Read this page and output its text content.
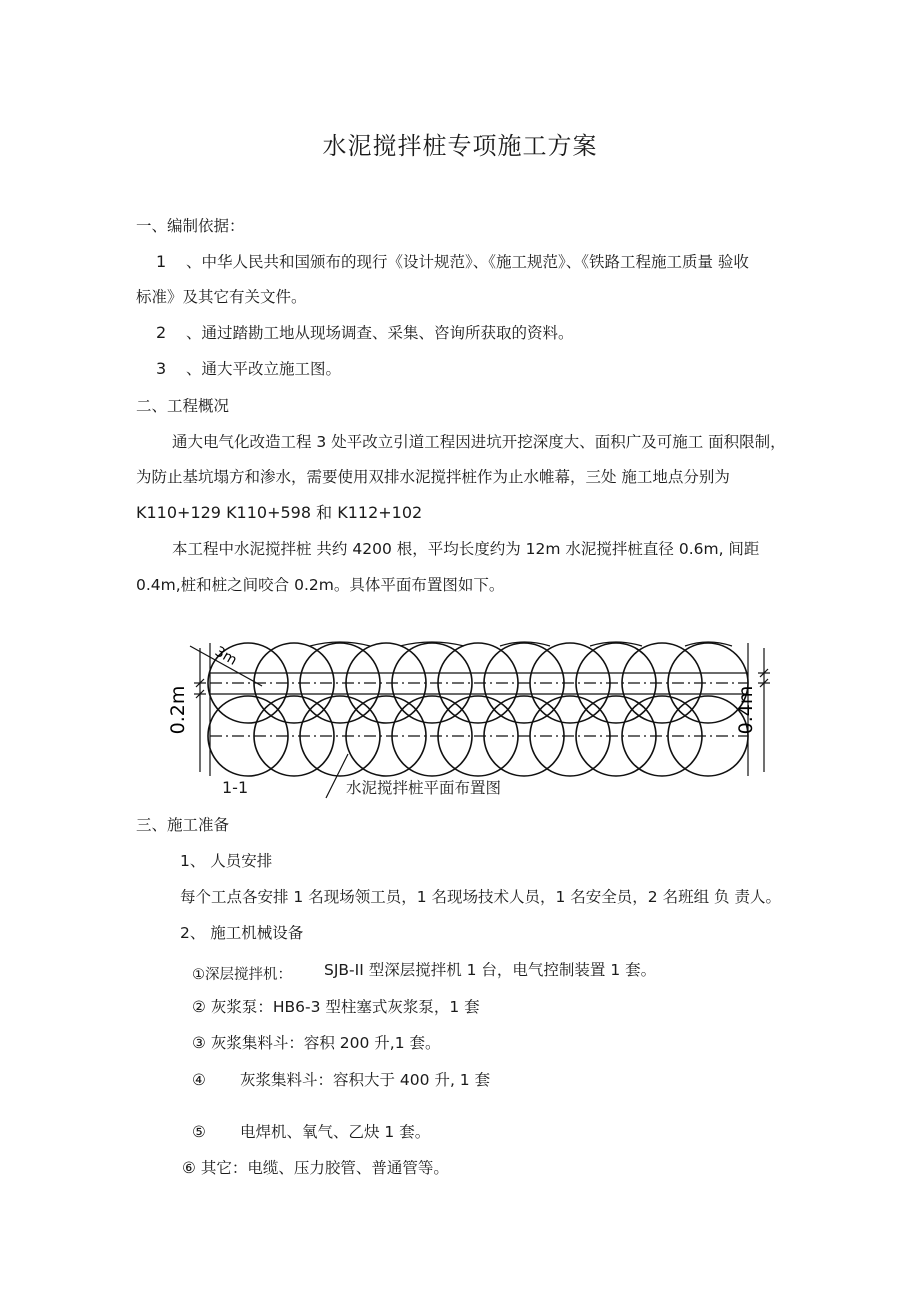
水泥搅拌桩专项施工方案
一、编制依据：
1 、中华人民共和国颁布的现行《设计规范》、《施工规范》、《铁路工程施工质量 验收
标准》及其它有关文件。
2 、通过踏勘工地从现场调查、采集、咨询所获取的资料。
3 、通大平改立施工图。
二、工程概况
通大电气化改造工程 3 处平改立引道工程因进坑开挖深度大、面积广及可施工 面积限制，
为防止基坑塌方和渗水，需要使用双排水泥搅拌桩作为止水帷幕，三处 施工地点分别为
K110+129 K110+598 和 K112+102
本工程中水泥搅拌桩 共约 4200 根，平均长度约为 12m 水泥搅拌桩直径 0.6m, 间距
0.4m,桩和桩之间咬合 0.2m。具体平面布置图如下。
0.2m	0.4m
3m
1-1	水泥搅拌桩平面布置图
三、施工准备
1、 人员安排
每个工点各安排 1 名现场领工员，1 名现场技术人员，1 名安全员，2 名班组 负 责人。
2、 施工机械设备
①深层搅拌机： SJB-II 型深层搅拌机 1 台，电气控制装置 1 套。
② 灰浆泵：HB6-3 型柱塞式灰浆泵，1 套
③ 灰浆集料斗：容积 200 升,1 套。
④ 灰浆集料斗：容积大于 400 升, 1 套
⑤ 电焊机、氧气、乙炔 1 套。
⑥ 其它：电缆、压力胶管、普通管等。
